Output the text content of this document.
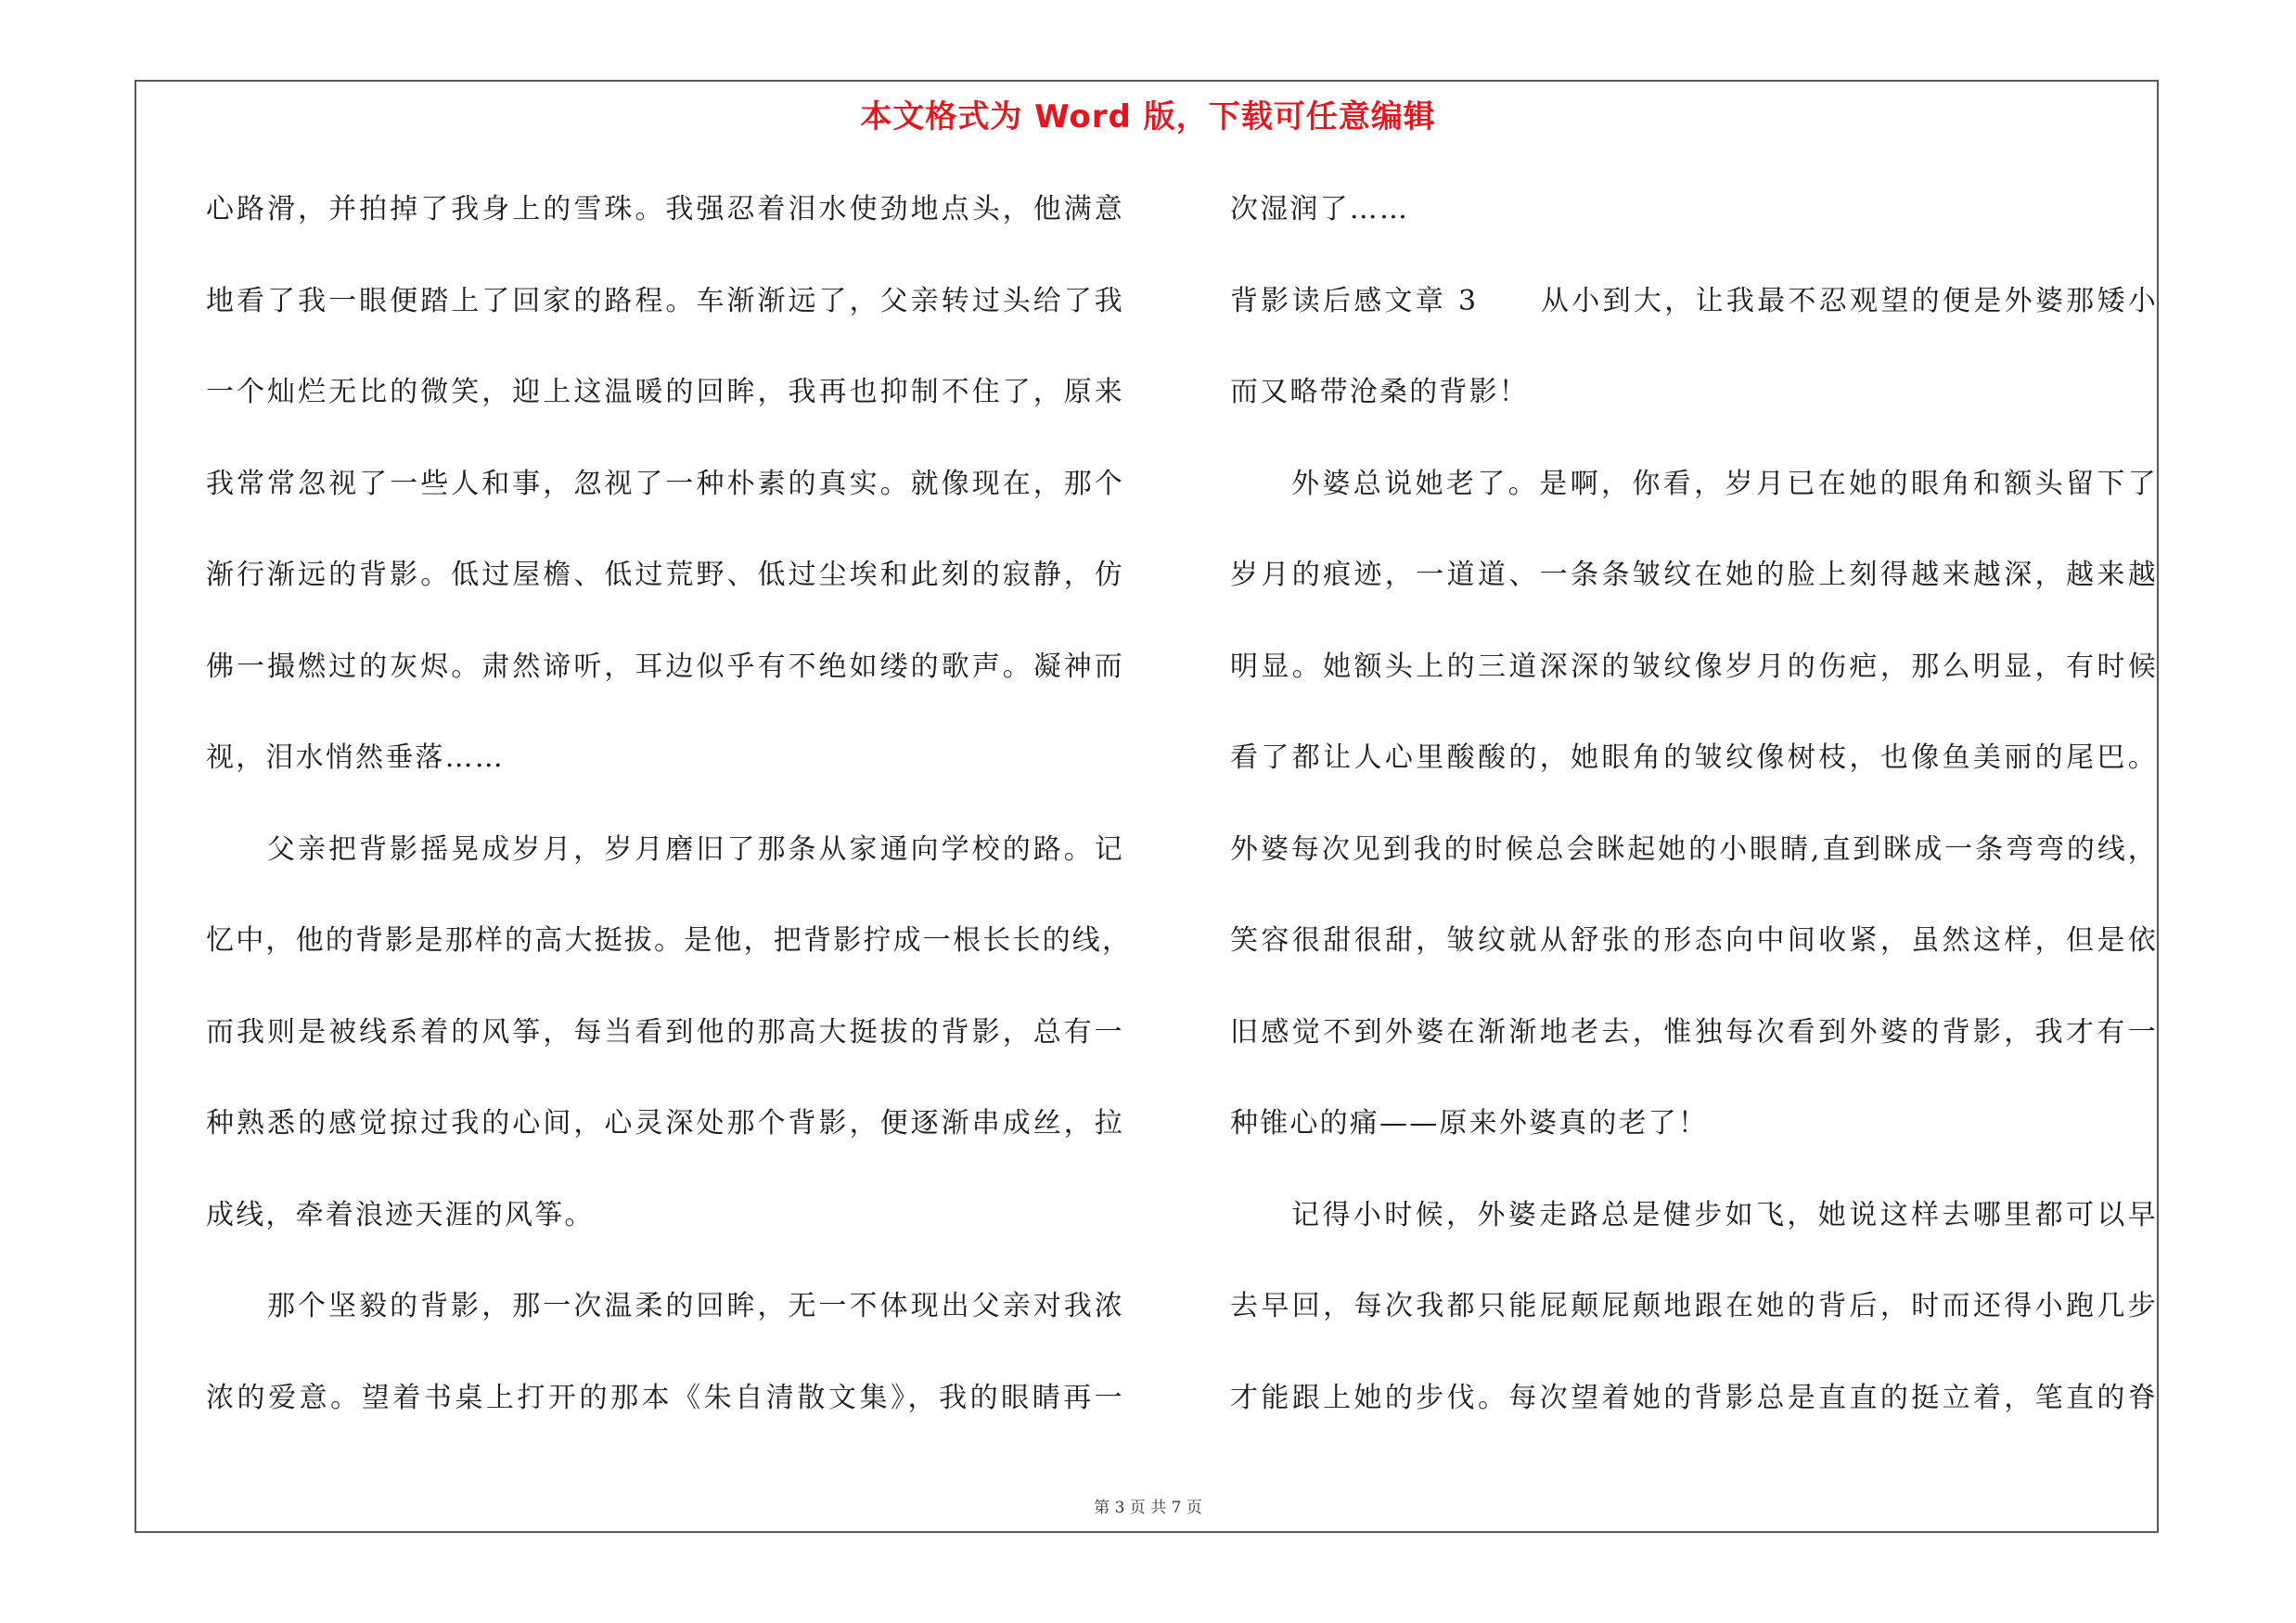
本文格式为 Word 版，下载可任意编辑
心路滑，并拍掉了我身上的雪珠。我强忍着泪水使劲地点头，他满意
地看了我一眼便踏上了回家的路程。车渐渐远了，父亲转过头给了我
一个灿烂无比的微笑，迎上这温暖的回眸，我再也抑制不住了，原来
我常常忽视了一些人和事，忽视了一种朴素的真实。就像现在，那个
渐行渐远的背影。低过屋檐、低过荒野、低过尘埃和此刻的寂静，仿
佛一撮燃过的灰烬。肃然谛听，耳边似乎有不绝如缕的歌声。凝神而
视，泪水悄然垂落……
父亲把背影摇晃成岁月，岁月磨旧了那条从家通向学校的路。记
忆中，他的背影是那样的高大挺拔。是他，把背影拧成一根长长的线，
而我则是被线系着的风筝，每当看到他的那高大挺拔的背影，总有一
种熟悉的感觉掠过我的心间，心灵深处那个背影，便逐渐串成丝，拉
成线，牵着浪迹天涯的风筝。
那个坚毅的背影，那一次温柔的回眸，无一不体现出父亲对我浓
浓的爱意。望着书桌上打开的那本《朱自清散文集》，我的眼睛再一
次湿润了……
背影读后感文章 3　　从小到大，让我最不忍观望的便是外婆那矮小
而又略带沧桑的背影！
外婆总说她老了。是啊，你看，岁月已在她的眼角和额头留下了
岁月的痕迹，一道道、一条条皱纹在她的脸上刻得越来越深，越来越
明显。她额头上的三道深深的皱纹像岁月的伤疤，那么明显，有时候
看了都让人心里酸酸的，她眼角的皱纹像树枝，也像鱼美丽的尾巴。
外婆每次见到我的时候总会眯起她的小眼睛,直到眯成一条弯弯的线，
笑容很甜很甜，皱纹就从舒张的形态向中间收紧，虽然这样，但是依
旧感觉不到外婆在渐渐地老去，惟独每次看到外婆的背影，我才有一
种锥心的痛——原来外婆真的老了！
记得小时候，外婆走路总是健步如飞，她说这样去哪里都可以早
去早回，每次我都只能屁颠屁颠地跟在她的背后，时而还得小跑几步
才能跟上她的步伐。每次望着她的背影总是直直的挺立着，笔直的脊
第 3 页 共 7 页
